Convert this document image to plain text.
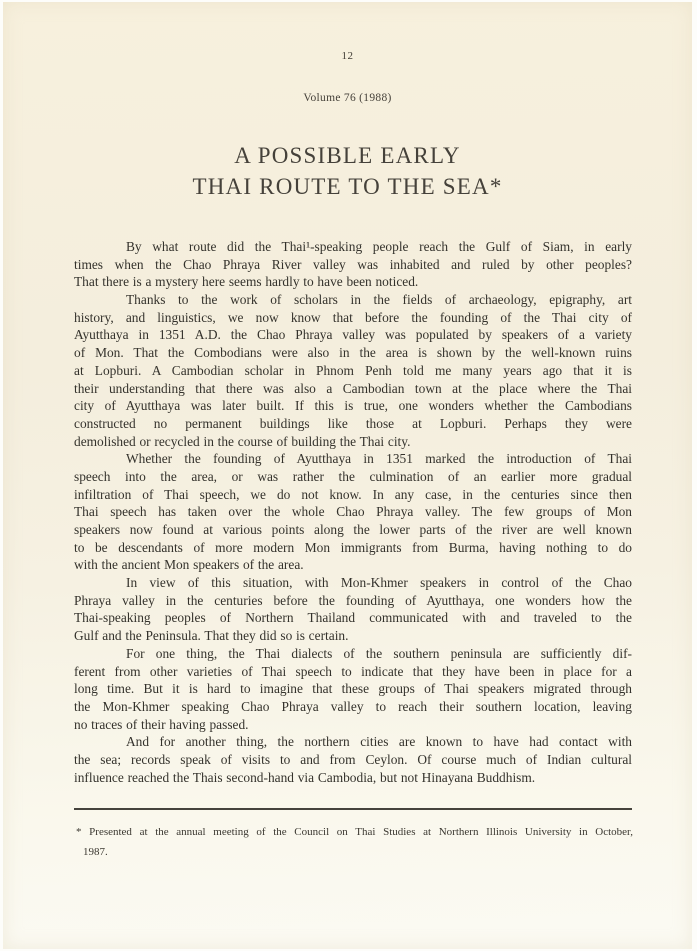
12
Volume 76 (1988)
A POSSIBLE EARLY
THAI ROUTE TO THE SEA*
By what route did the Thai¹-speaking people reach the Gulf of Siam, in early
times when the Chao Phraya River valley was inhabited and ruled by other peoples?
That there is a mystery here seems hardly to have been noticed.
Thanks to the work of scholars in the fields of archaeology, epigraphy, art
history, and linguistics, we now know that before the founding of the Thai city of
Ayutthaya in 1351 A.D. the Chao Phraya valley was populated by speakers of a variety
of Mon. That the Combodians were also in the area is shown by the well-known ruins
at Lopburi. A Cambodian scholar in Phnom Penh told me many years ago that it is
their understanding that there was also a Cambodian town at the place where the Thai
city of Ayutthaya was later built. If this is true, one wonders whether the Cambodians
constructed no permanent buildings like those at Lopburi. Perhaps they were
demolished or recycled in the course of building the Thai city.
Whether the founding of Ayutthaya in 1351 marked the introduction of Thai
speech into the area, or was rather the culmination of an earlier more gradual
infiltration of Thai speech, we do not know. In any case, in the centuries since then
Thai speech has taken over the whole Chao Phraya valley. The few groups of Mon
speakers now found at various points along the lower parts of the river are well known
to be descendants of more modern Mon immigrants from Burma, having nothing to do
with the ancient Mon speakers of the area.
In view of this situation, with Mon-Khmer speakers in control of the Chao
Phraya valley in the centuries before the founding of Ayutthaya, one wonders how the
Thai-speaking peoples of Northern Thailand communicated with and traveled to the
Gulf and the Peninsula. That they did so is certain.
For one thing, the Thai dialects of the southern peninsula are sufficiently dif-
ferent from other varieties of Thai speech to indicate that they have been in place for a
long time. But it is hard to imagine that these groups of Thai speakers migrated through
the Mon-Khmer speaking Chao Phraya valley to reach their southern location, leaving
no traces of their having passed.
And for another thing, the northern cities are known to have had contact with
the sea; records speak of visits to and from Ceylon. Of course much of Indian cultural
influence reached the Thais second-hand via Cambodia, but not Hinayana Buddhism.
* Presented at the annual meeting of the Council on Thai Studies at Northern Illinois University in October,
1987.
